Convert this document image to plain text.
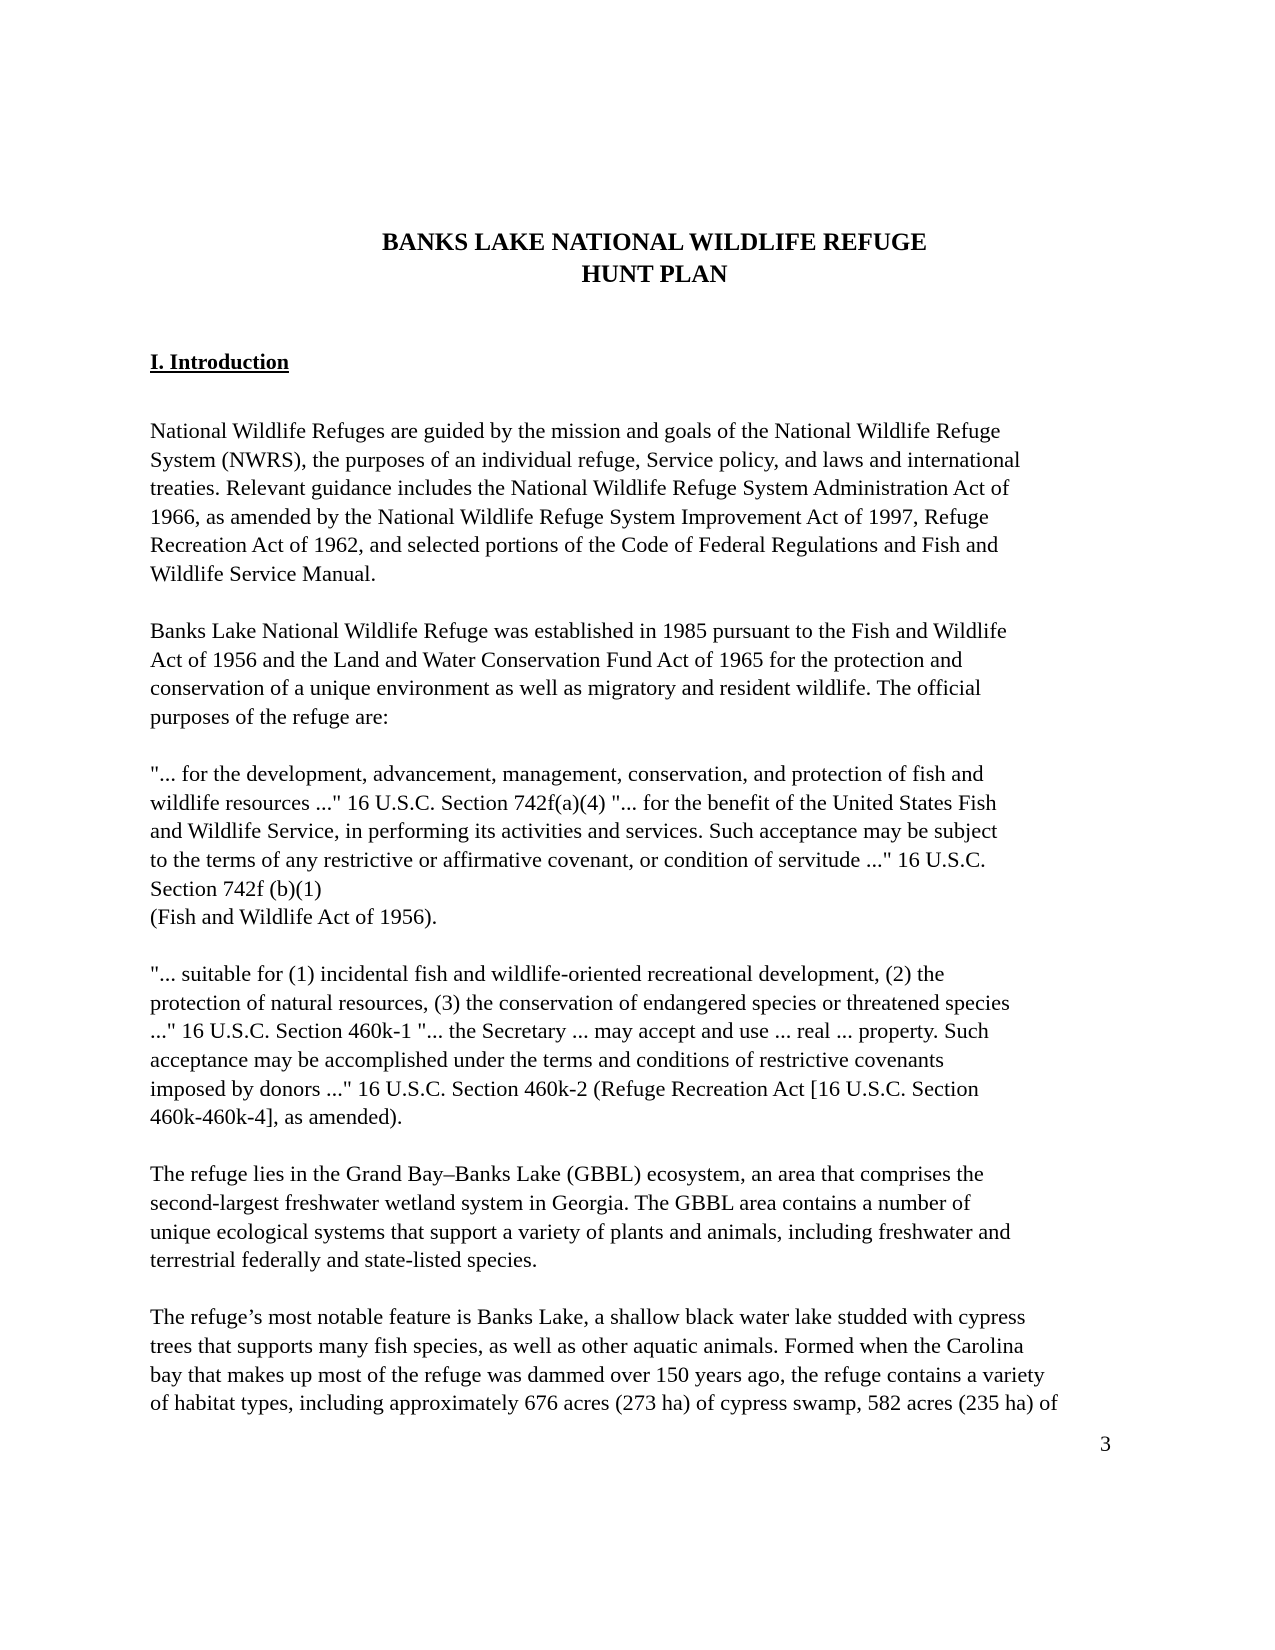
BANKS LAKE NATIONAL WILDLIFE REFUGE
HUNT PLAN
I. Introduction

National Wildlife Refuges are guided by the mission and goals of the National Wildlife Refuge
System (NWRS), the purposes of an individual refuge, Service policy, and laws and international
treaties. Relevant guidance includes the National Wildlife Refuge System Administration Act of
1966, as amended by the National Wildlife Refuge System Improvement Act of 1997, Refuge
Recreation Act of 1962, and selected portions of the Code of Federal Regulations and Fish and
Wildlife Service Manual.

Banks Lake National Wildlife Refuge was established in 1985 pursuant to the Fish and Wildlife
Act of 1956 and the Land and Water Conservation Fund Act of 1965 for the protection and
conservation of a unique environment as well as migratory and resident wildlife. The official
purposes of the refuge are:

"... for the development, advancement, management, conservation, and protection of fish and
wildlife resources ..." 16 U.S.C. Section 742f(a)(4) "... for the benefit of the United States Fish
and Wildlife Service, in performing its activities and services. Such acceptance may be subject
to the terms of any restrictive or affirmative covenant, or condition of servitude ..." 16 U.S.C.
Section 742f (b)(1)
(Fish and Wildlife Act of 1956).

"... suitable for (1) incidental fish and wildlife-oriented recreational development, (2) the
protection of natural resources, (3) the conservation of endangered species or threatened species
..." 16 U.S.C. Section 460k-1 "... the Secretary ... may accept and use ... real ... property. Such
acceptance may be accomplished under the terms and conditions of restrictive covenants
imposed by donors ..." 16 U.S.C. Section 460k-2 (Refuge Recreation Act [16 U.S.C. Section
460k-460k-4], as amended).

The refuge lies in the Grand Bay–Banks Lake (GBBL) ecosystem, an area that comprises the
second-largest freshwater wetland system in Georgia. The GBBL area contains a number of
unique ecological systems that support a variety of plants and animals, including freshwater and
terrestrial federally and state-listed species.

The refuge’s most notable feature is Banks Lake, a shallow black water lake studded with cypress
trees that supports many fish species, as well as other aquatic animals. Formed when the Carolina
bay that makes up most of the refuge was dammed over 150 years ago, the refuge contains a variety
of habitat types, including approximately 676 acres (273 ha) of cypress swamp, 582 acres (235 ha) of

3
